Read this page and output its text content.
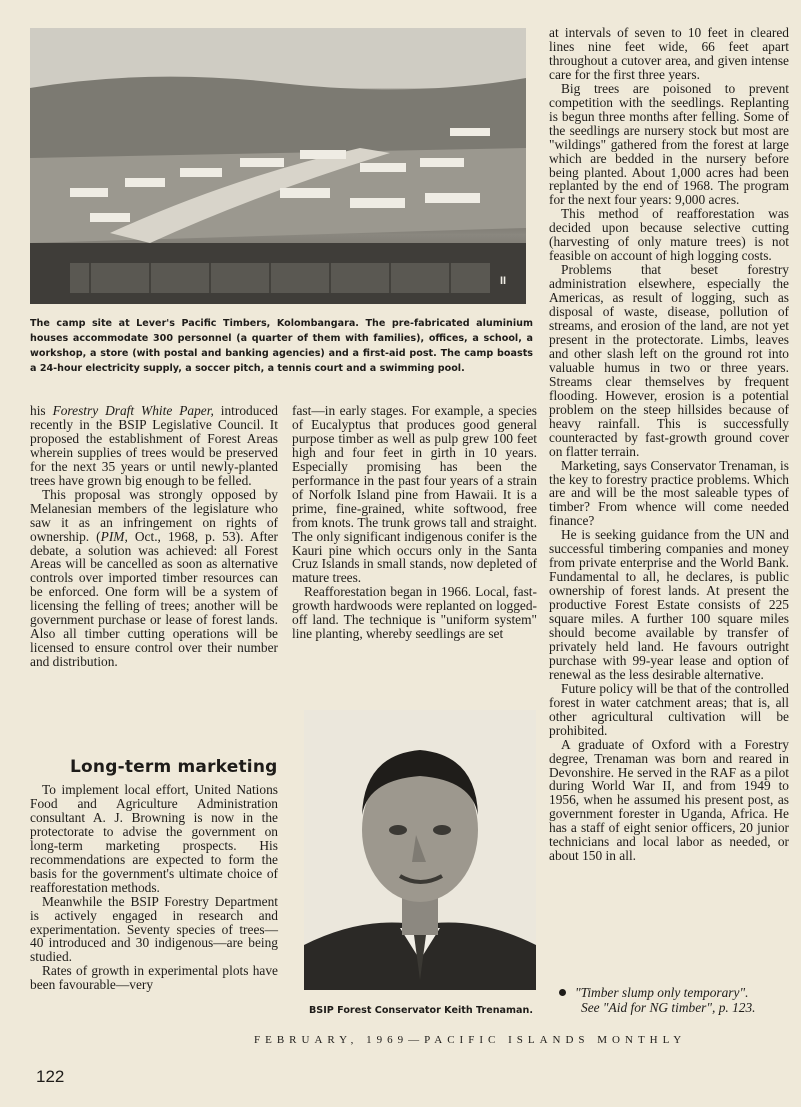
II
The camp site at Lever's Pacific Timbers, Kolombangara. The pre-fabricated aluminium houses accommodate 300 personnel (a quarter of them with families), offices, a school, a workshop, a store (with postal and banking agencies) and a first-aid post. The camp boasts a 24-hour electricity supply, a soccer pitch, a tennis court and a swimming pool.

his Forestry Draft White Paper, introduced recently in the BSIP Legislative Council. It proposed the establishment of Forest Areas wherein supplies of trees would be preserved for the next 35 years or until newly-planted trees have grown big enough to be felled.

This proposal was strongly opposed by Melanesian members of the legislature who saw it as an infringement on rights of ownership. (PIM, Oct., 1968, p. 53). After debate, a solution was achieved: all Forest Areas will be cancelled as soon as alternative controls over imported timber resources can be enforced. One form will be a system of licensing the felling of trees; another will be government purchase or lease of forest lands. Also all timber cutting operations will be licensed to ensure control over their number and distribution.

Long-term marketing

To implement local effort, United Nations Food and Agriculture Administration consultant A. J. Browning is now in the protectorate to advise the government on long-term marketing prospects. His recommendations are expected to form the basis for the government's ultimate choice of reafforestation methods.

Meanwhile the BSIP Forestry Department is actively engaged in research and experimentation. Seventy species of trees—40 introduced and 30 indigenous—are being studied.

Rates of growth in experimental plots have been favourable—very

fast—in early stages. For example, a species of Eucalyptus that produces good general purpose timber as well as pulp grew 100 feet high and four feet in girth in 10 years. Especially promising has been the performance in the past four years of a strain of Norfolk Island pine from Hawaii. It is a prime, fine-grained, white softwood, free from knots. The trunk grows tall and straight. The only significant indigenous conifer is the Kauri pine which occurs only in the Santa Cruz Islands in small stands, now depleted of mature trees.

Reafforestation began in 1966. Local, fast-growth hardwoods were replanted on logged-off land. The technique is "uniform system" line planting, whereby seedlings are set

BSIP Forest Conservator Keith Trenaman.

at intervals of seven to 10 feet in cleared lines nine feet wide, 66 feet apart throughout a cutover area, and given intense care for the first three years.

Big trees are poisoned to prevent competition with the seedlings. Replanting is begun three months after felling. Some of the seedlings are nursery stock but most are "wildings" gathered from the forest at large which are bedded in the nursery before being planted. About 1,000 acres had been replanted by the end of 1968. The program for the next four years: 9,000 acres.

This method of reafforestation was decided upon because selective cutting (harvesting of only mature trees) is not feasible on account of high logging costs.

Problems that beset forestry administration elsewhere, especially the Americas, as result of logging, such as disposal of waste, disease, pollution of streams, and erosion of the land, are not yet present in the protectorate. Limbs, leaves and other slash left on the ground rot into valuable humus in two or three years. Streams clear themselves by frequent flooding. However, erosion is a potential problem on the steep hillsides because of heavy rainfall. This is successfully counteracted by fast-growth ground cover on flatter terrain.

Marketing, says Conservator Trenaman, is the key to forestry practice problems. Which are and will be the most saleable types of timber? From whence will come needed finance?

He is seeking guidance from the UN and successful timbering companies and money from private enterprise and the World Bank. Fundamental to all, he declares, is public ownership of forest lands. At present the productive Forest Estate consists of 225 square miles. A further 100 square miles should become available by transfer of privately held land. He favours outright purchase with 99-year lease and option of renewal as the less desirable alternative.

Future policy will be that of the controlled forest in water catchment areas; that is, all other agricultural cultivation will be prohibited.

A graduate of Oxford with a Forestry degree, Trenaman was born and reared in Devonshire. He served in the RAF as a pilot during World War II, and from 1949 to 1956, when he assumed his present post, as government forester in Uganda, Africa. He has a staff of eight senior officers, 20 junior technicians and local labor as needed, or about 150 in all.

"Timber slump only temporary".
See "Aid for NG timber", p. 123.
122
FEBRUARY, 1969—PACIFIC ISLANDS MONTHLY
